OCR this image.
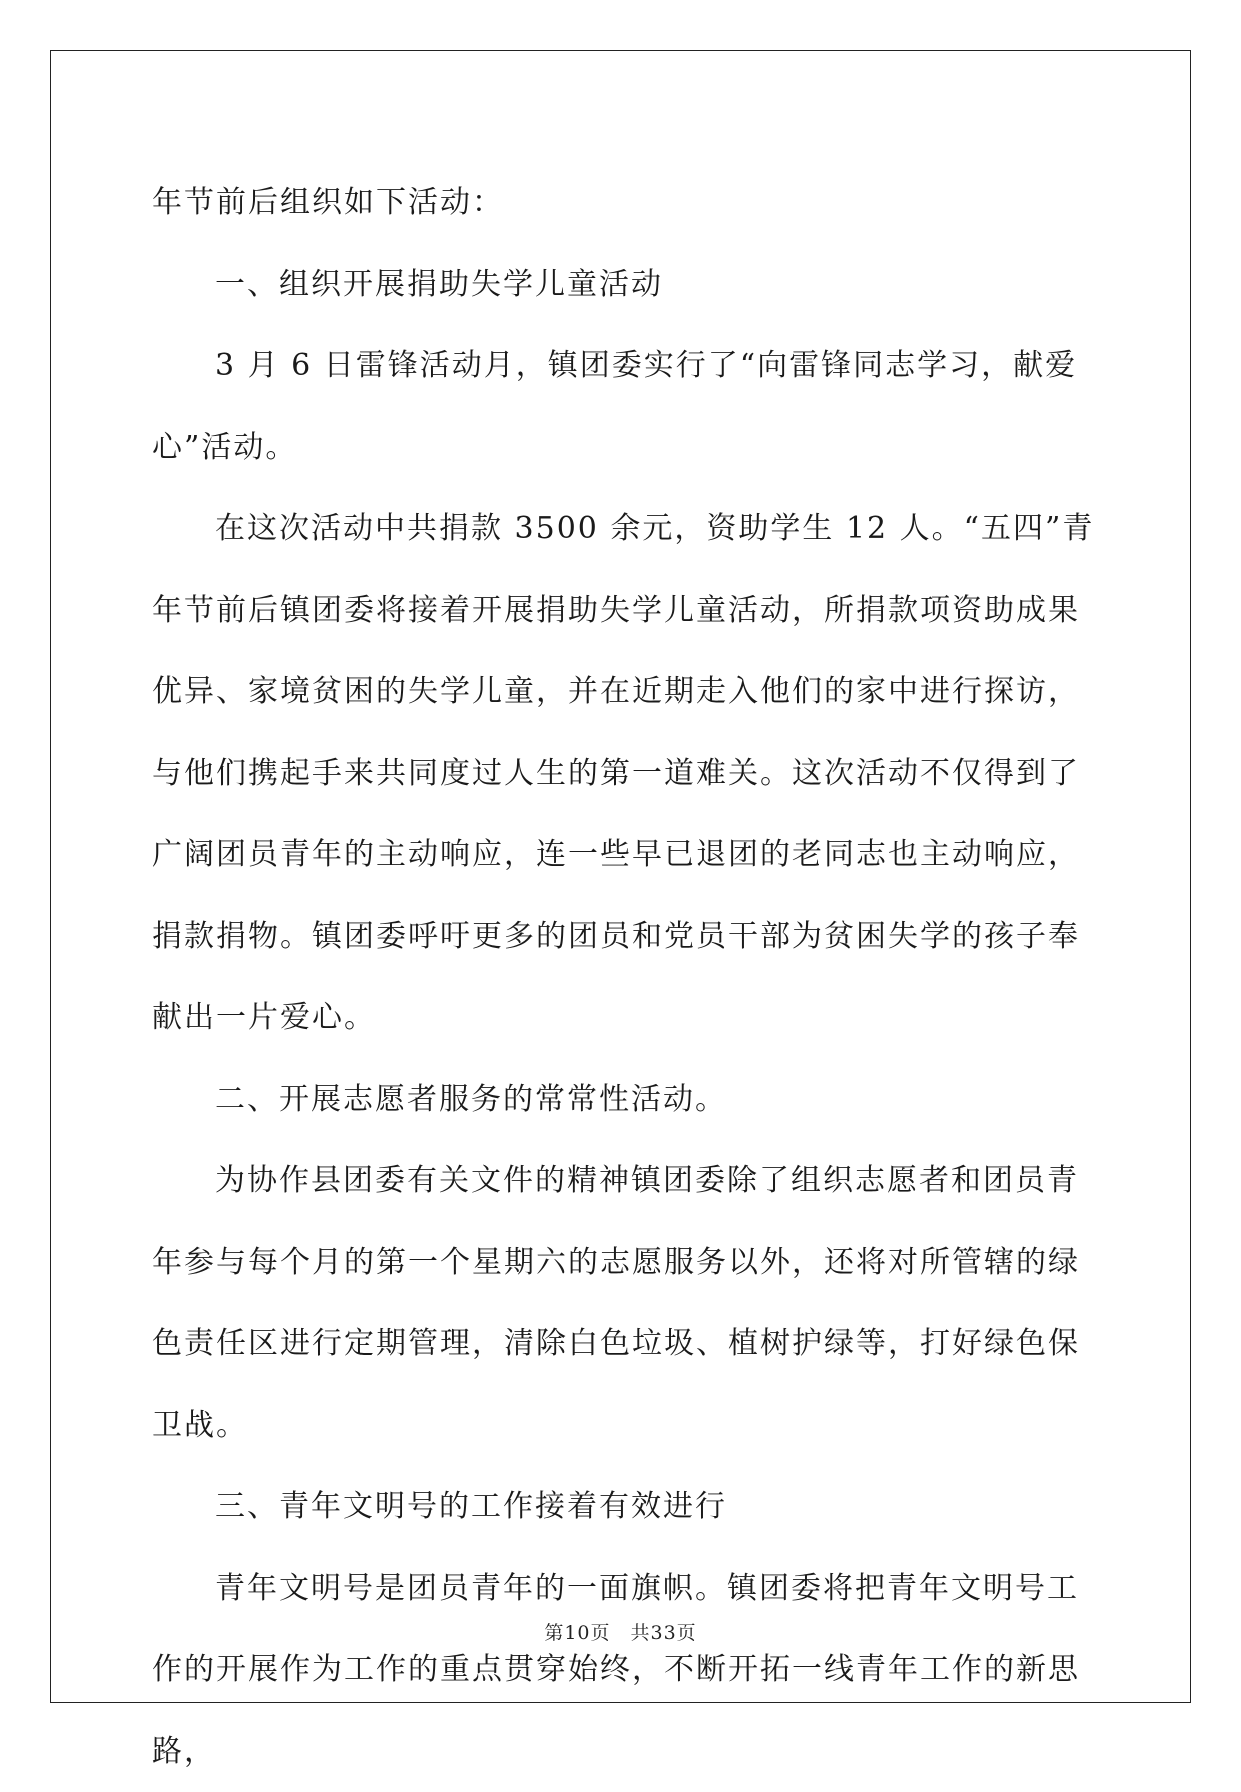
年节前后组织如下活动：

一、组织开展捐助失学儿童活动

3 月 6 日雷锋活动月，镇团委实行了“向雷锋同志学习，献爱心”活动。

在这次活动中共捐款 3500 余元，资助学生 12 人。“五四”青年节前后镇团委将接着开展捐助失学儿童活动，所捐款项资助成果优异、家境贫困的失学儿童，并在近期走入他们的家中进行探访，与他们携起手来共同度过人生的第一道难关。这次活动不仅得到了广阔团员青年的主动响应，连一些早已退团的老同志也主动响应，捐款捐物。镇团委呼吁更多的团员和党员干部为贫困失学的孩子奉献出一片爱心。

二、开展志愿者服务的常常性活动。

为协作县团委有关文件的精神镇团委除了组织志愿者和团员青年参与每个月的第一个星期六的志愿服务以外，还将对所管辖的绿色责任区进行定期管理，清除白色垃圾、植树护绿等，打好绿色保卫战。

三、青年文明号的工作接着有效进行

青年文明号是团员青年的一面旗帜。镇团委将把青年文明号工作的开展作为工作的重点贯穿始终，不断开拓一线青年工作的新思路，

第10页　共33页
